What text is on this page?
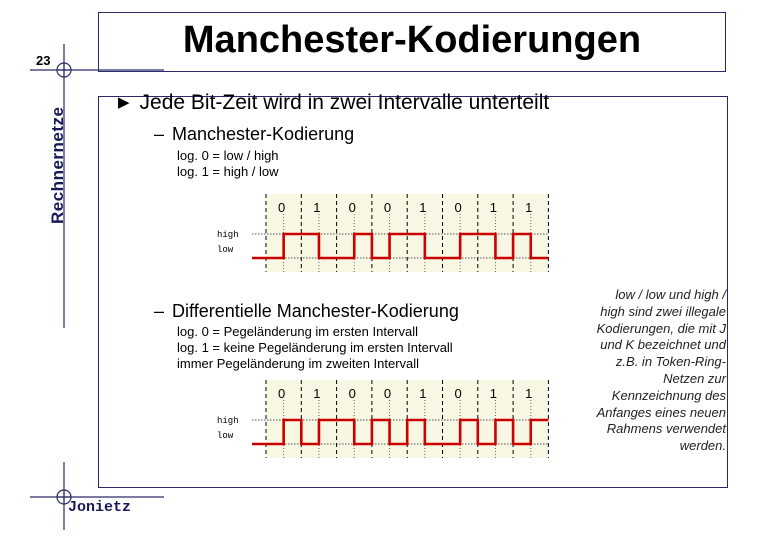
Manchester-Kodierungen
23
Rechnernetze
▶ Jede Bit-Zeit wird in zwei Intervalle unterteilt
– Manchester-Kodierung
log. 0 = low / high
log. 1 = high / low
0 1 0 0 1 0 1 1
high
low
– Differentielle Manchester-Kodierung
log. 0 = Pegeländerung im ersten Intervall
log. 1 = keine Pegeländerung im ersten Intervall
immer Pegeländerung im zweiten Intervall
0 1 0 0 1 0 1 1
high
low
low / low und high / high sind zwei illegale Kodierungen, die mit J und K bezeichnet und z.B. in Token-Ring-Netzen zur Kennzeichnung des Anfanges eines neuen Rahmens verwendet werden.
Jonietz
